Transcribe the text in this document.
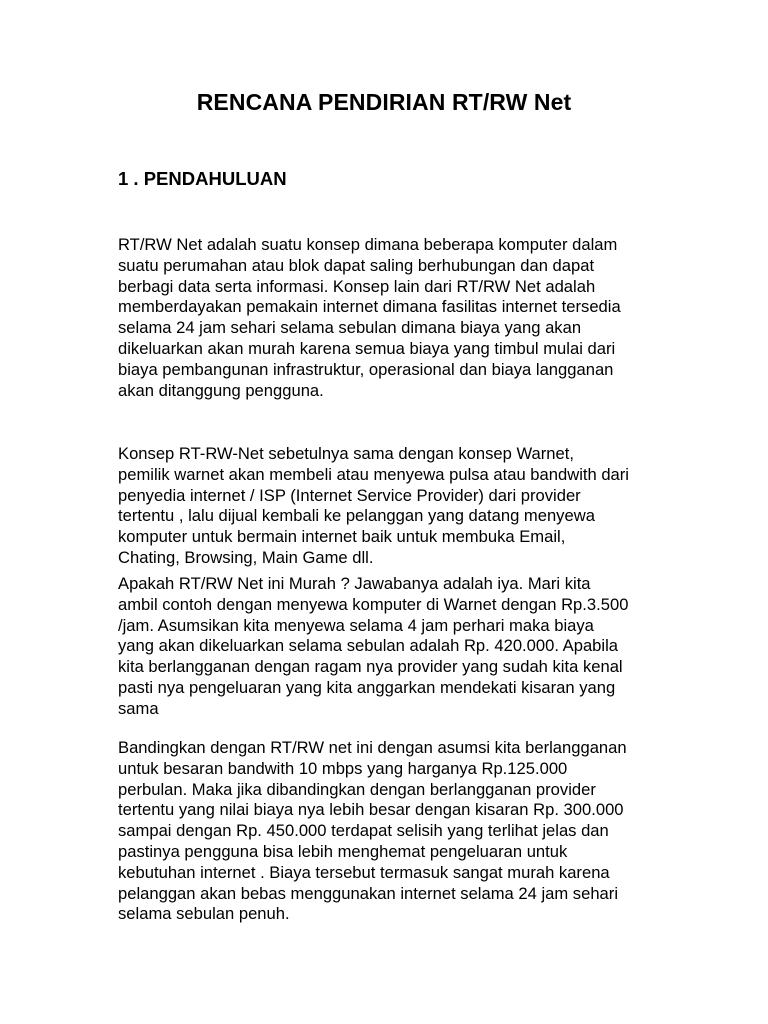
RENCANA PENDIRIAN RT/RW Net
1 . PENDAHULUAN

RT/RW Net adalah suatu konsep dimana beberapa komputer dalam
suatu perumahan atau blok dapat saling berhubungan dan dapat
berbagi data serta informasi. Konsep lain dari RT/RW Net adalah
memberdayakan pemakain internet dimana fasilitas internet tersedia
selama 24 jam sehari selama sebulan dimana biaya yang akan
dikeluarkan akan murah karena semua biaya yang timbul mulai dari
biaya pembangunan infrastruktur, operasional dan biaya langganan
akan ditanggung pengguna.

Konsep RT-RW-Net sebetulnya sama dengan konsep Warnet,
pemilik warnet akan membeli atau menyewa pulsa atau bandwith dari
penyedia internet / ISP (Internet Service Provider) dari provider
tertentu , lalu dijual kembali ke pelanggan yang datang menyewa
komputer untuk bermain internet baik untuk membuka Email,
Chating, Browsing, Main Game dll.

Apakah RT/RW Net ini Murah ? Jawabanya adalah iya. Mari kita
ambil contoh dengan menyewa komputer di Warnet dengan Rp.3.500
/jam. Asumsikan kita menyewa selama 4 jam perhari maka biaya
yang akan dikeluarkan selama sebulan adalah Rp. 420.000. Apabila
kita berlangganan dengan ragam nya provider yang sudah kita kenal
pasti nya pengeluaran yang kita anggarkan mendekati kisaran yang
sama

Bandingkan dengan RT/RW net ini dengan asumsi kita berlangganan
untuk besaran bandwith 10 mbps yang harganya Rp.125.000
perbulan. Maka jika dibandingkan dengan berlangganan provider
tertentu yang nilai biaya nya lebih besar dengan kisaran Rp. 300.000
sampai dengan Rp. 450.000 terdapat selisih yang terlihat jelas dan
pastinya pengguna bisa lebih menghemat pengeluaran untuk
kebutuhan internet . Biaya tersebut termasuk sangat murah karena
pelanggan akan bebas menggunakan internet selama 24 jam sehari
selama sebulan penuh.
